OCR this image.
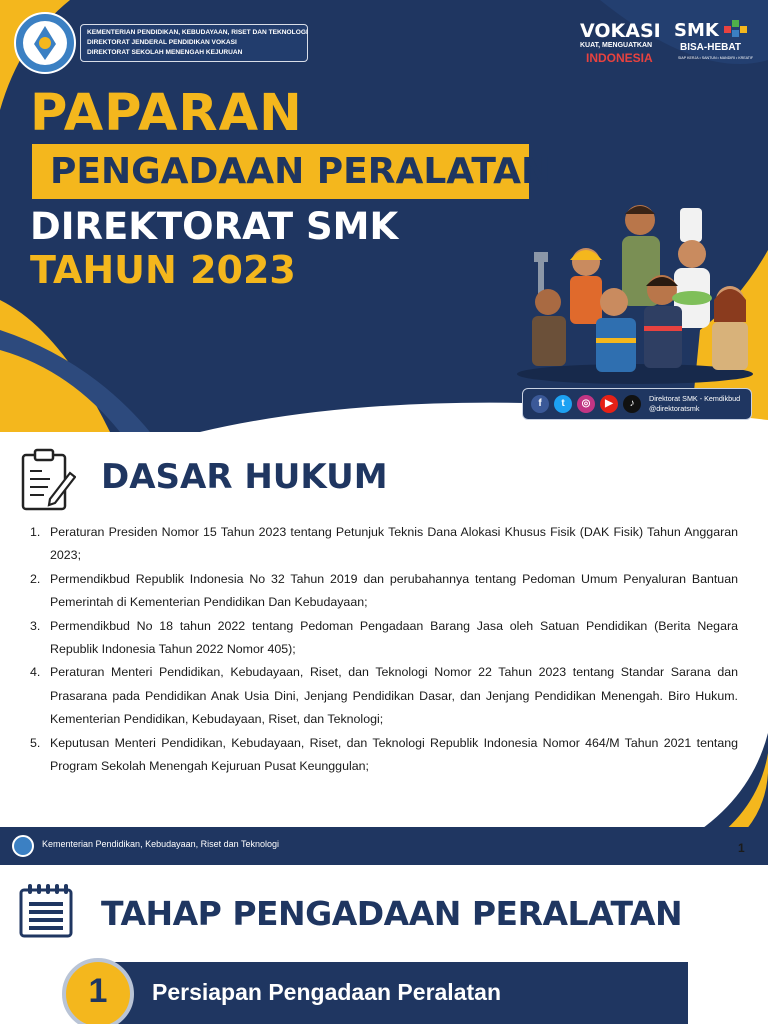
KEMENTERIAN PENDIDIKAN, KEBUDAYAAN, RISET DAN TEKNOLOGI
DIREKTORAT JENDERAL PENDIDIKAN VOKASI
DIREKTORAT SEKOLAH MENENGAH KEJURUAN
VOKASI
KUAT, MENGUATKAN
INDONESIA
SMK
BISA-HEBAT
SIAP KERJA • SANTUN • MANDIRI • KREATIF
PAPARAN
PENGADAAN PERALATAN
DIREKTORAT SMK
TAHUN 2023
f	t	◎	▶	♪	Direktorat SMK - Kemdikbud
@direktoratsmk
DASAR HUKUM
1. Peraturan Presiden Nomor 15 Tahun 2023 tentang Petunjuk Teknis Dana Alokasi Khusus Fisik (DAK Fisik) Tahun Anggaran 2023;
2. Permendikbud Republik Indonesia No 32 Tahun 2019 dan perubahannya tentang Pedoman Umum Penyaluran Bantuan Pemerintah di Kementerian Pendidikan Dan Kebudayaan;
3. Permendikbud No 18 tahun 2022 tentang Pedoman Pengadaan Barang Jasa oleh Satuan Pendidikan (Berita Negara Republik Indonesia Tahun 2022 Nomor 405);
4. Peraturan Menteri Pendidikan, Kebudayaan, Riset, dan Teknologi Nomor 22 Tahun 2023 tentang Standar Sarana dan Prasarana pada Pendidikan Anak Usia Dini, Jenjang Pendidikan Dasar, dan Jenjang Pendidikan Menengah. Biro Hukum. Kementerian Pendidikan, Kebudayaan, Riset, dan Teknologi;
5. Keputusan Menteri Pendidikan, Kebudayaan, Riset, dan Teknologi Republik Indonesia Nomor 464/M Tahun 2021 tentang Program Sekolah Menengah Kejuruan Pusat Keunggulan;
Kementerian Pendidikan, Kebudayaan, Riset dan Teknologi	1
TAHAP PENGADAAN PERALATAN
Persiapan Pengadaan Peralatan
1
